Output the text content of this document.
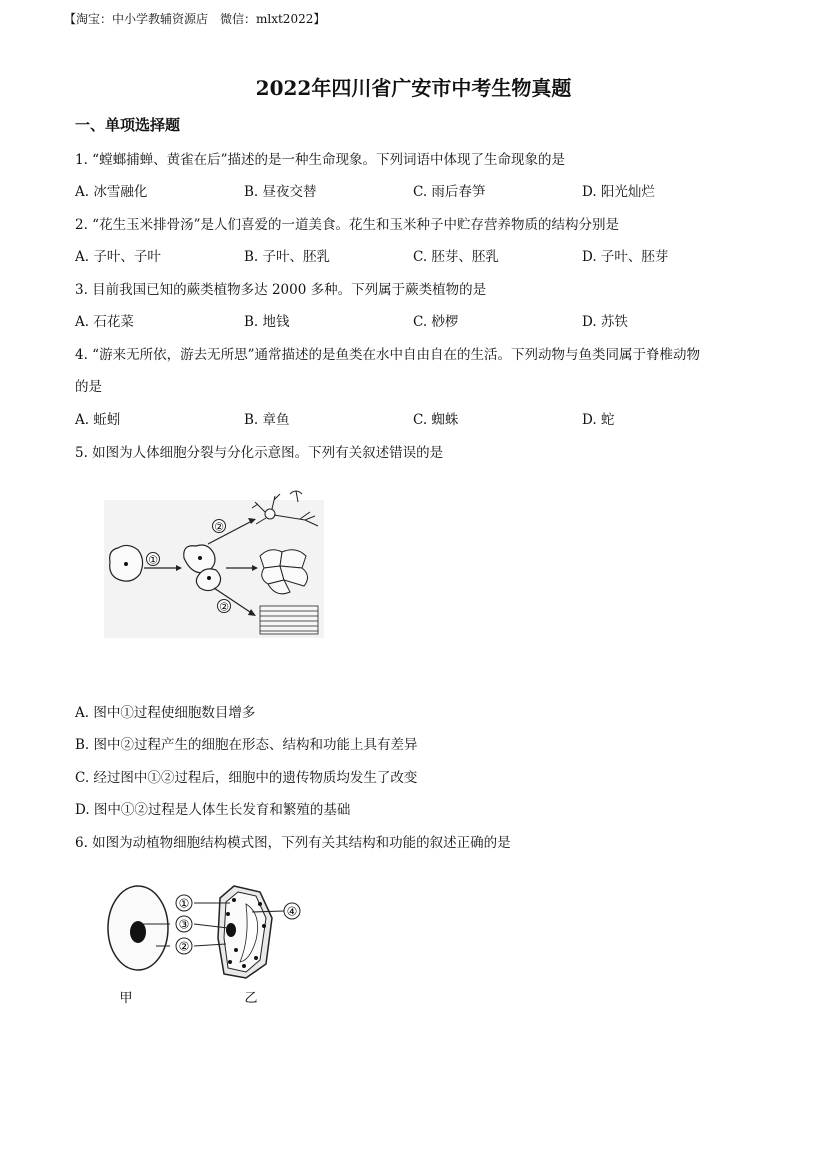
【淘宝：中小学教辅资源店　微信：mlxt2022】
2022年四川省广安市中考生物真题
一、单项选择题
1. “螳螂捕蝉、黄雀在后”描述的是一种生命现象。下列词语中体现了生命现象的是
A. 冰雪融化	B. 昼夜交替	C. 雨后春笋	D. 阳光灿烂
2. “花生玉米排骨汤”是人们喜爱的一道美食。花生和玉米种子中贮存营养物质的结构分别是
A. 子叶、子叶	B. 子叶、胚乳	C. 胚芽、胚乳	D. 子叶、胚芽
3. 目前我国已知的蕨类植物多达 2000 多种。下列属于蕨类植物的是
A. 石花菜	B. 地钱	C. 桫椤	D. 苏铁
4. “游来无所依，游去无所思”通常描述的是鱼类在水中自由自在的生活。下列动物与鱼类同属于脊椎动物
的是
A. 蚯蚓	B. 章鱼	C. 蜘蛛	D. 蛇
5. 如图为人体细胞分裂与分化示意图。下列有关叙述错误的是
①
②
②
A. 图中①过程使细胞数目增多
B. 图中②过程产生的细胞在形态、结构和功能上具有差异
C. 经过图中①②过程后，细胞中的遗传物质均发生了改变
D. 图中①②过程是人体生长发育和繁殖的基础
6. 如图为动植物细胞结构模式图，下列有关其结构和功能的叙述正确的是
①
③
②
④
甲	乙
